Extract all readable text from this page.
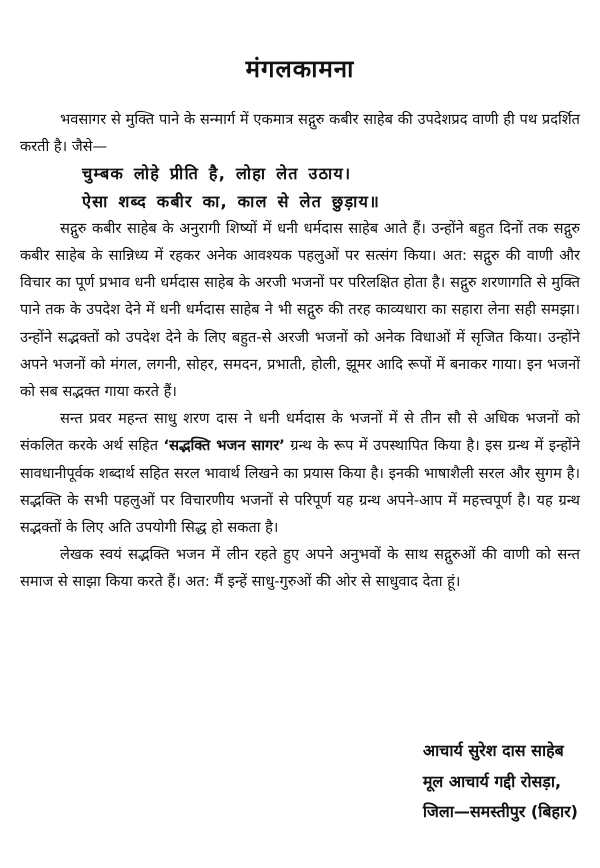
मंगलकामना

भवसागर से मुक्ति पाने के सन्मार्ग में एकमात्र सद्गुरु कबीर साहेब की उपदेशप्रद वाणी ही पथ प्रदर्शित करती है। जैसे—

चुम्बक लोहे प्रीति है, लोहा लेत उठाय।
ऐसा शब्द कबीर का, काल से लेत छुड़ाय॥

सद्गुरु कबीर साहेब के अनुरागी शिष्यों में धनी धर्मदास साहेब आते हैं। उन्होंने बहुत दिनों तक सद्गुरु कबीर साहेब के सान्निध्य में रहकर अनेक आवश्यक पहलुओं पर सत्संग किया। अत: सद्गुरु की वाणी और विचार का पूर्ण प्रभाव धनी धर्मदास साहेब के अरजी भजनों पर परिलक्षित होता है। सद्गुरु शरणागति से मुक्ति पाने तक के उपदेश देने में धनी धर्मदास साहेब ने भी सद्गुरु की तरह काव्यधारा का सहारा लेना सही समझा। उन्होंने सद्भक्तों को उपदेश देने के लिए बहुत-से अरजी भजनों को अनेक विधाओं में सृजित किया। उन्होंने अपने भजनों को मंगल, लगनी, सोहर, समदन, प्रभाती, होली, झूमर आदि रूपों में बनाकर गाया। इन भजनों को सब सद्भक्त गाया करते हैं।

सन्त प्रवर महन्त साधु शरण दास ने धनी धर्मदास के भजनों में से तीन सौ से अधिक भजनों को संकलित करके अर्थ सहित ‘सद्भक्ति भजन सागर’ ग्रन्थ के रूप में उपस्थापित किया है। इस ग्रन्थ में इन्होंने सावधानीपूर्वक शब्दार्थ सहित सरल भावार्थ लिखने का प्रयास किया है। इनकी भाषाशैली सरल और सुगम है। सद्भक्ति के सभी पहलुओं पर विचारणीय भजनों से परिपूर्ण यह ग्रन्थ अपने-आप में महत्त्वपूर्ण है। यह ग्रन्थ सद्भक्तों के लिए अति उपयोगी सिद्ध हो सकता है।

लेखक स्वयं सद्भक्ति भजन में लीन रहते हुए अपने अनुभवों के साथ सद्गुरुओं की वाणी को सन्त समाज से साझा किया करते हैं। अत: मैं इन्हें साधु-गुरुओं की ओर से साधुवाद देता हूं।

आचार्य सुरेश दास साहेब
मूल आचार्य गद्दी रोसड़ा,
जिला—समस्तीपुर (बिहार)
